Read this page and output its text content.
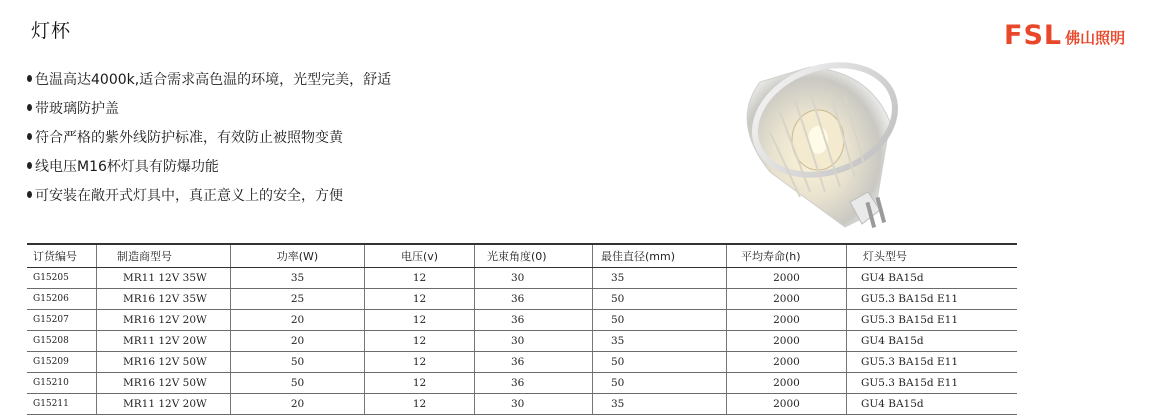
灯杯	FSL 佛山照明
色温高达4000k,适合需求高色温的环境，光型完美，舒适
带玻璃防护盖
符合严格的紫外线防护标准，有效防止被照物变黄
线电压M16杯灯具有防爆功能
可安装在敞开式灯具中，真正意义上的安全，方便
订货编号	制造商型号	功率(W)	电压(v)	光束角度(0)	最佳直径(mm)	平均寿命(h)	灯头型号
G15205	MR11 12V 35W	35	12	30	35	2000	GU4 BA15d
G15206	MR16 12V 35W	25	12	36	50	2000	GU5.3 BA15d E11
G15207	MR16 12V 20W	20	12	36	50	2000	GU5.3 BA15d E11
G15208	MR11 12V 20W	20	12	30	35	2000	GU4 BA15d
G15209	MR16 12V 50W	50	12	36	50	2000	GU5.3 BA15d E11
G15210	MR16 12V 50W	50	12	36	50	2000	GU5.3 BA15d E11
G15211	MR11 12V 20W	20	12	30	35	2000	GU4 BA15d
